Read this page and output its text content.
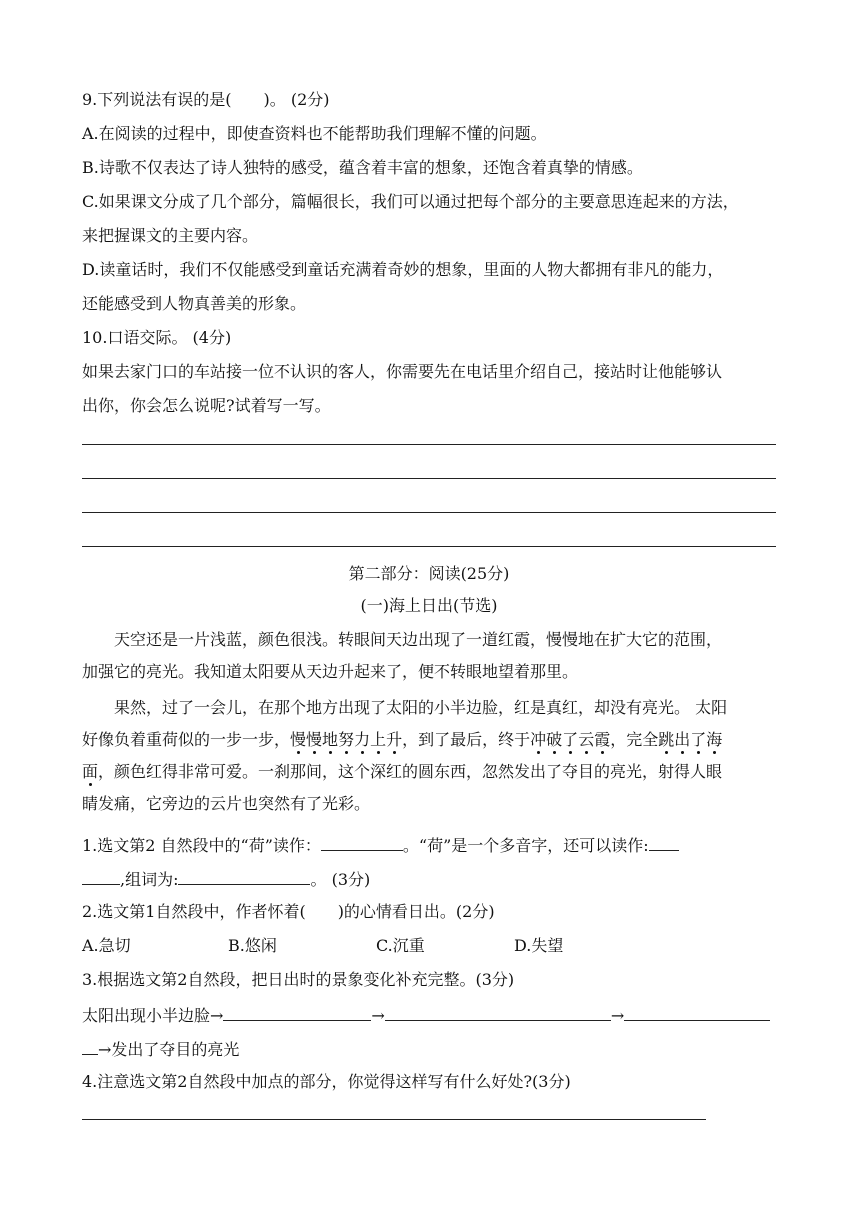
9.下列说法有误的是(　　)。 (2分)
A.在阅读的过程中，即使查资料也不能帮助我们理解不懂的问题。
B.诗歌不仅表达了诗人独特的感受，蕴含着丰富的想象，还饱含着真挚的情感。
C.如果课文分成了几个部分，篇幅很长，我们可以通过把每个部分的主要意思连起来的方法，
来把握课文的主要内容。
D.读童话时，我们不仅能感受到童话充满着奇妙的想象，里面的人物大都拥有非凡的能力，
还能感受到人物真善美的形象。
10.口语交际。 (4分)
如果去家门口的车站接一位不认识的客人，你需要先在电话里介绍自己，接站时让他能够认
出你，你会怎么说呢?试着写一写。
第二部分：阅读(25分)
(一)海上日出(节选)
天空还是一片浅蓝，颜色很浅。转眼间天边出现了一道红霞，慢慢地在扩大它的范围，
加强它的亮光。我知道太阳要从天边升起来了，便不转眼地望着那里。
果然，过了一会儿，在那个地方出现了太阳的小半边脸，红是真红，却没有亮光。 太阳
好像负着重荷似的一步一步，慢慢地努力上升，到了最后，终于冲破了云霞，完全跳出了海
面，颜色红得非常可爱。一刹那间，这个深红的圆东西，忽然发出了夺目的亮光，射得人眼
睛发痛，它旁边的云片也突然有了光彩。
1.选文第2 自然段中的“荷”读作：	。“荷”是一个多音字，还可以读作:
,组词为:	。 (3分)
2.选文第1自然段中，作者怀着(　　)的心情看日出。(2分)
A.急切	B.悠闲	C.沉重	D.失望
3.根据选文第2自然段，把日出时的景象变化补充完整。(3分)
太阳出现小半边脸→	→	→
→发出了夺目的亮光
4.注意选文第2自然段中加点的部分，你觉得这样写有什么好处?(3分)
